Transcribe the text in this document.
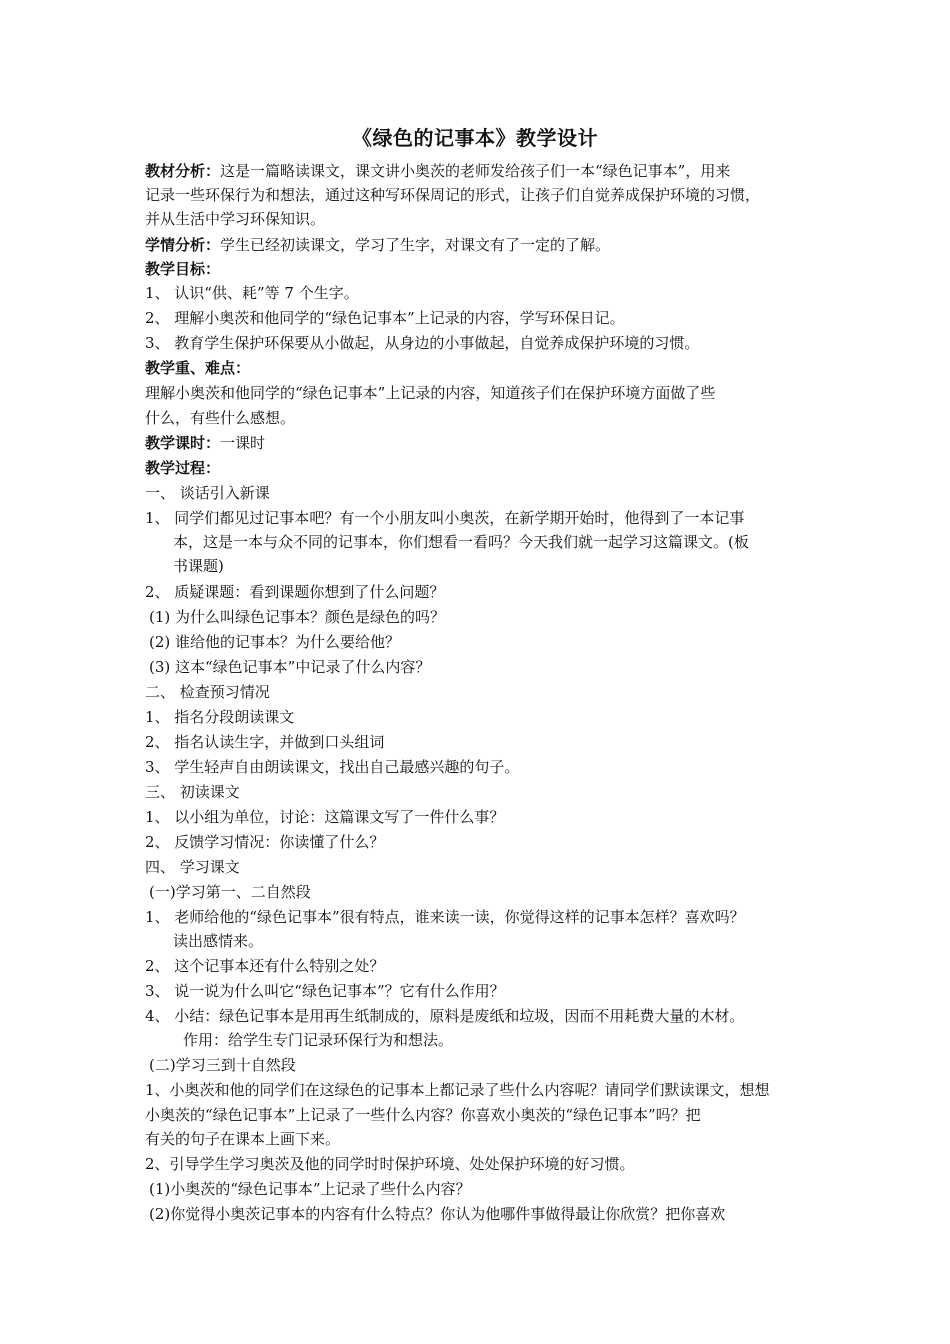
《绿色的记事本》教学设计
教材分析：这是一篇略读课文，课文讲小奥茨的老师发给孩子们一本“绿色记事本”，用来
记录一些环保行为和想法，通过这种写环保周记的形式，让孩子们自觉养成保护环境的习惯，
并从生活中学习环保知识。
学情分析：学生已经初读课文，学习了生字，对课文有了一定的了解。
教学目标：
1、 认识“供、耗”等 7 个生字。
2、 理解小奥茨和他同学的“绿色记事本”上记录的内容，学写环保日记。
3、 教育学生保护环保要从小做起，从身边的小事做起，自觉养成保护环境的习惯。
教学重、难点：
理解小奥茨和他同学的“绿色记事本”上记录的内容，知道孩子们在保护环境方面做了些
什么，有些什么感想。
教学课时：一课时
教学过程：
一、 谈话引入新课
1、 同学们都见过记事本吧？有一个小朋友叫小奥茨，在新学期开始时，他得到了一本记事
本，这是一本与众不同的记事本，你们想看一看吗？今天我们就一起学习这篇课文。(板
书课题)
2、 质疑课题：看到课题你想到了什么问题？
(1) 为什么叫绿色记事本？颜色是绿色的吗？
(2) 谁给他的记事本？为什么要给他？
(3) 这本“绿色记事本”中记录了什么内容？
二、 检查预习情况
1、 指名分段朗读课文
2、 指名认读生字，并做到口头组词
3、 学生轻声自由朗读课文，找出自己最感兴趣的句子。
三、 初读课文
1、 以小组为单位，讨论：这篇课文写了一件什么事？
2、 反馈学习情况：你读懂了什么？
四、 学习课文
(一)学习第一、二自然段
1、 老师给他的“绿色记事本”很有特点，谁来读一读，你觉得这样的记事本怎样？喜欢吗？
读出感情来。
2、 这个记事本还有什么特别之处？
3、 说一说为什么叫它“绿色记事本”？它有什么作用？
4、 小结：绿色记事本是用再生纸制成的，原料是废纸和垃圾，因而不用耗费大量的木材。
作用：给学生专门记录环保行为和想法。
(二)学习三到十自然段
1、小奥茨和他的同学们在这绿色的记事本上都记录了些什么内容呢？请同学们默读课文，想想
小奥茨的“绿色记事本”上记录了一些什么内容？你喜欢小奥茨的“绿色记事本”吗？把
有关的句子在课本上画下来。
2、引导学生学习奥茨及他的同学时时保护环境、处处保护环境的好习惯。
(1)小奥茨的“绿色记事本”上记录了些什么内容？
(2)你觉得小奥茨记事本的内容有什么特点？你认为他哪件事做得最让你欣赏？把你喜欢
